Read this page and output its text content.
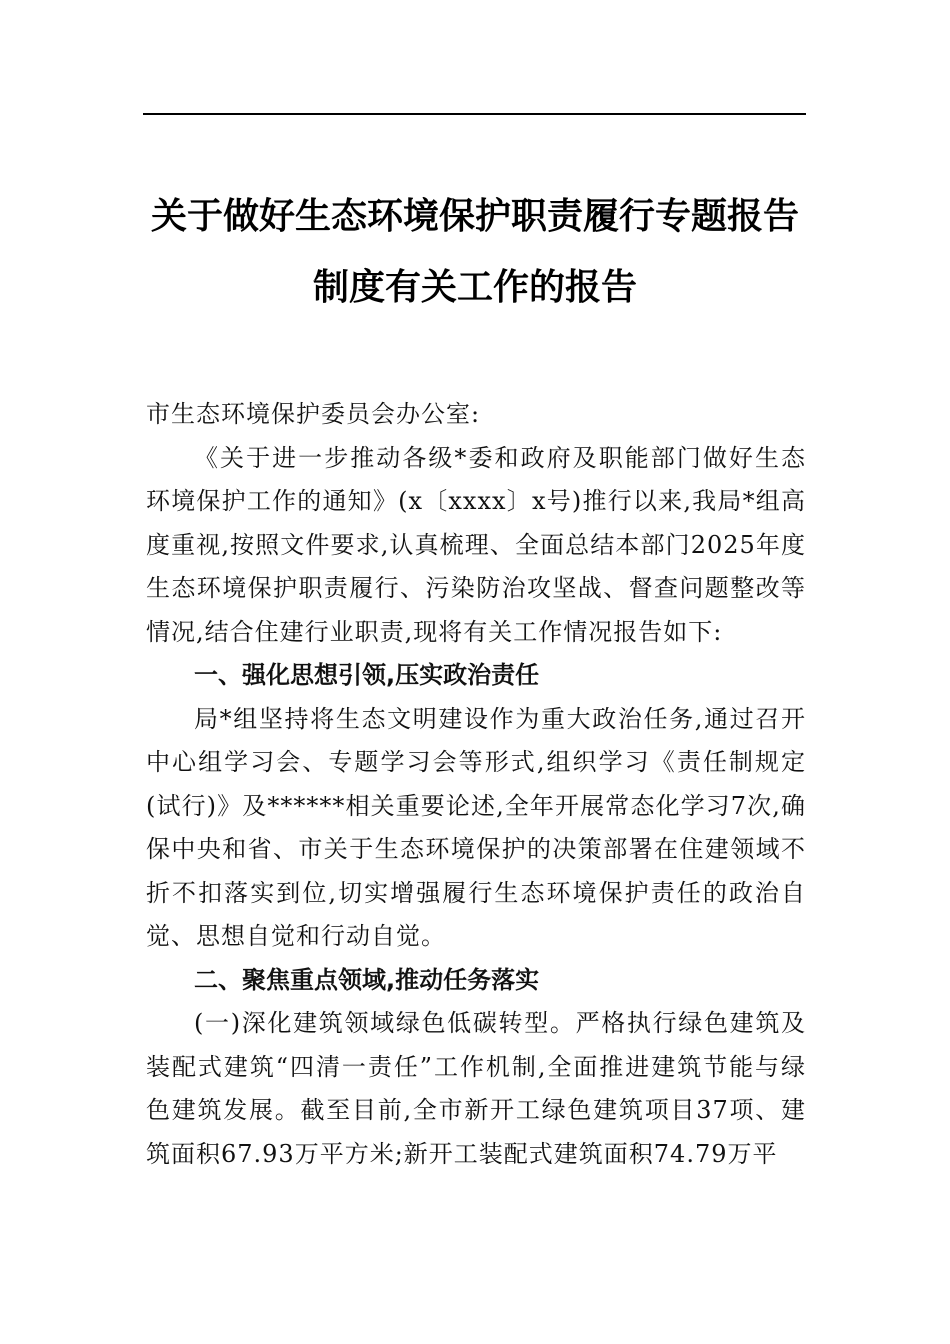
关于做好生态环境保护职责履行专题报告
制度有关工作的报告

市生态环境保护委员会办公室:

《关于进一步推动各级*委和政府及职能部门做好生态环境保护工作的通知》(x〔xxxx〕x号)推行以来,我局*组高度重视,按照文件要求,认真梳理、全面总结本部门2025年度生态环境保护职责履行、污染防治攻坚战、督查问题整改等情况,结合住建行业职责,现将有关工作情况报告如下:

一、强化思想引领,压实政治责任

局*组坚持将生态文明建设作为重大政治任务,通过召开中心组学习会、专题学习会等形式,组织学习《责任制规定(试行)》及******相关重要论述,全年开展常态化学习7次,确保中央和省、市关于生态环境保护的决策部署在住建领域不折不扣落实到位,切实增强履行生态环境保护责任的政治自觉、思想自觉和行动自觉。

二、聚焦重点领域,推动任务落实

(一)深化建筑领域绿色低碳转型。严格执行绿色建筑及装配式建筑“四清一责任”工作机制,全面推进建筑节能与绿色建筑发展。截至目前,全市新开工绿色建筑项目37项、建筑面积67.93万平方米;新开工装配式建筑面积74.79万平
